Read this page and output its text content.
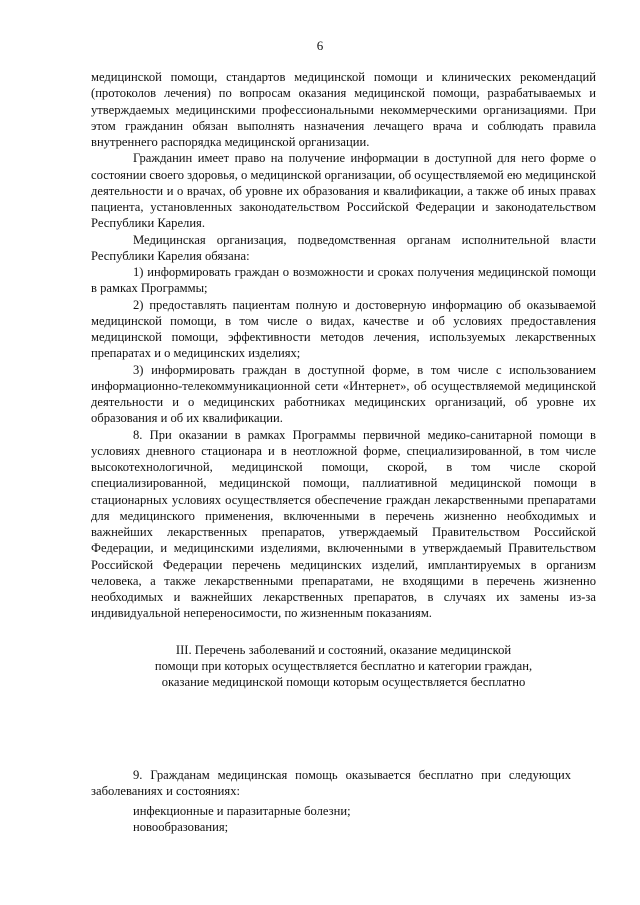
6

медицинской помощи, стандартов медицинской помощи и клинических рекомендаций (протоколов лечения) по вопросам оказания медицинской помощи, разрабатываемых и утверждаемых медицинскими профессиональными некоммерческими организациями. При этом гражданин обязан выполнять назначения лечащего врача и соблюдать правила внутреннего распорядка медицинской организации.

Гражданин имеет право на получение информации в доступной для него форме о состоянии своего здоровья, о медицинской организации, об осуществляемой ею медицинской деятельности и о врачах, об уровне их образования и квалификации, а также об иных правах пациента, установленных законодательством Российской Федерации и законодательством Республики Карелия.

Медицинская организация, подведомственная органам исполнительной власти Республики Карелия обязана:

1) информировать граждан о возможности и сроках получения медицинской помощи в рамках Программы;

2) предоставлять пациентам полную и достоверную информацию об оказываемой медицинской помощи, в том числе о видах, качестве и об условиях предоставления медицинской помощи, эффективности методов лечения, используемых лекарственных препаратах и о медицинских изделиях;

3) информировать граждан в доступной форме, в том числе с использованием информационно-телекоммуникационной сети «Интернет», об осуществляемой медицинской деятельности и о медицинских работниках медицинских организаций, об уровне их образования и об их квалификации.

8. При оказании в рамках Программы первичной медико-санитарной помощи в условиях дневного стационара и в неотложной форме, специализированной, в том числе высокотехнологичной, медицинской помощи, скорой, в том числе скорой специализированной, медицинской помощи, паллиативной медицинской помощи в стационарных условиях осуществляется обеспечение граждан лекарственными препаратами для медицинского применения, включенными в перечень жизненно необходимых и важнейших лекарственных препаратов, утверждаемый Правительством Российской Федерации, и медицинскими изделиями, включенными в утверждаемый Правительством Российской Федерации перечень медицинских изделий, имплантируемых в организм человека, а также лекарственными препаратами, не входящими в перечень жизненно необходимых и важнейших лекарственных препаратов, в случаях их замены из-за индивидуальной непереносимости, по жизненным показаниям.

III. Перечень заболеваний и состояний, оказание медицинской
помощи при которых осуществляется бесплатно и категории граждан,
оказание медицинской помощи которым осуществляется бесплатно

9. Гражданам медицинская помощь оказывается бесплатно при следующих заболеваниях и состояниях:

инфекционные и паразитарные болезни;
новообразования;
